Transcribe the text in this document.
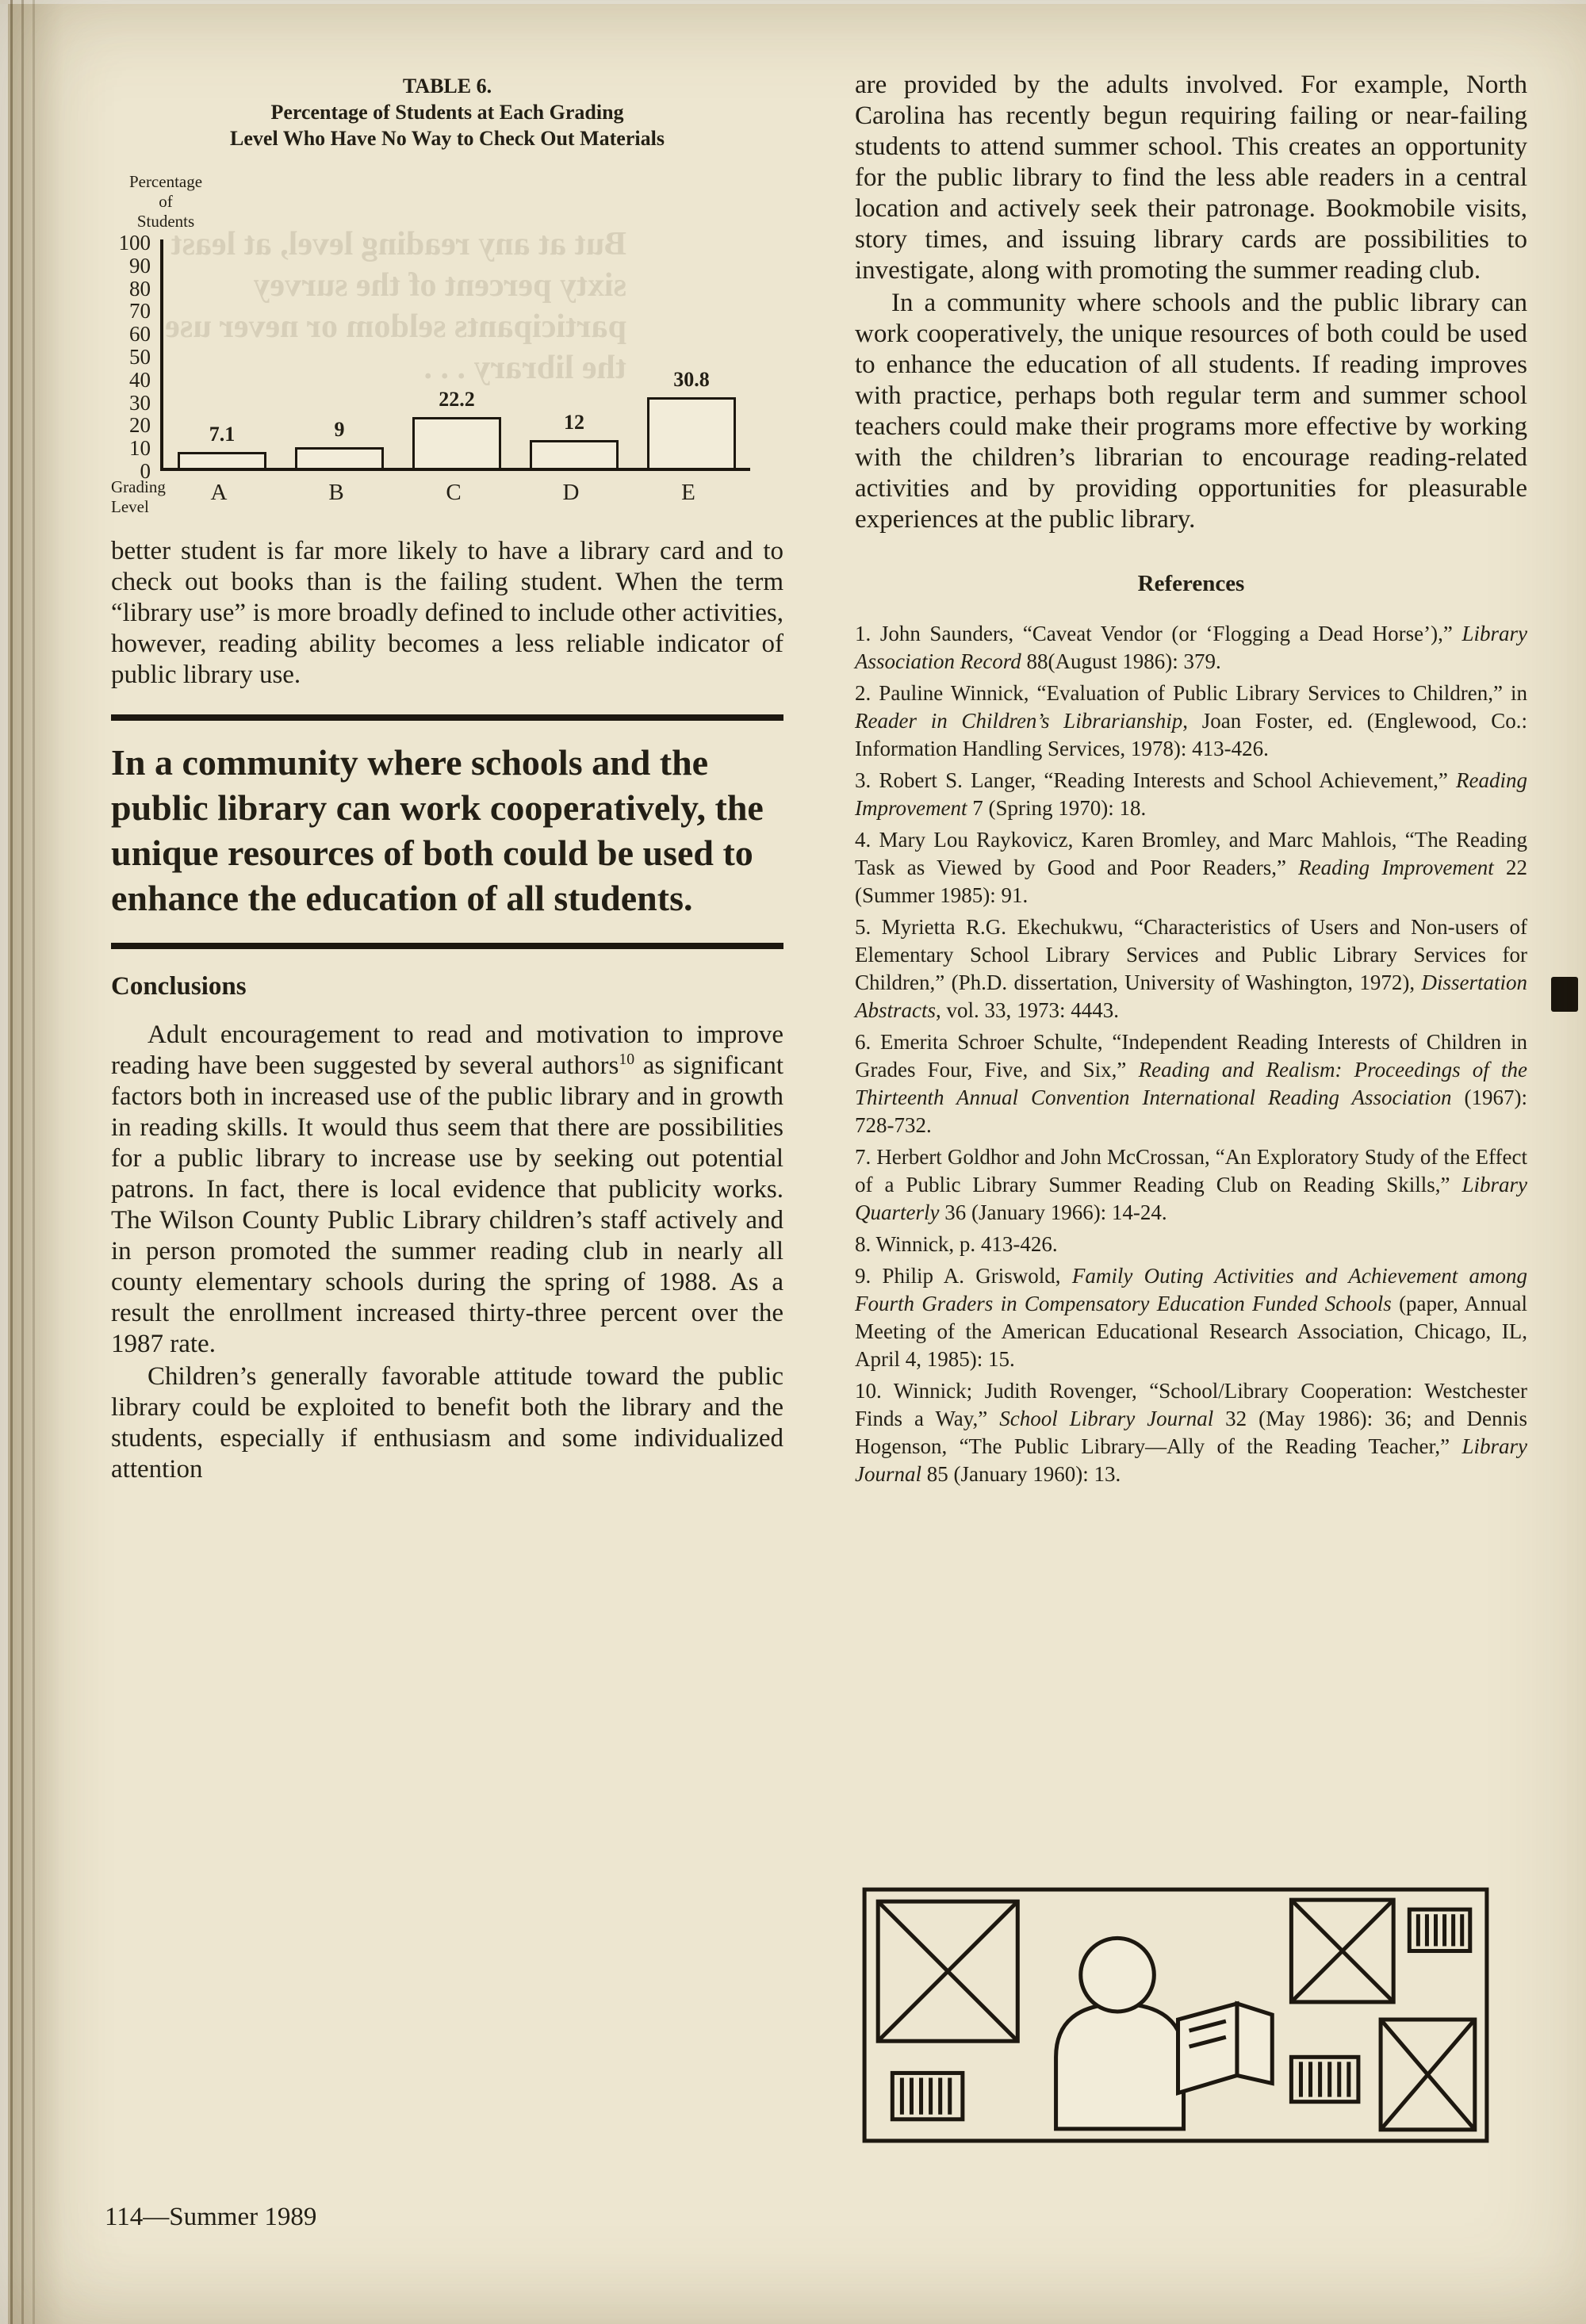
TABLE 6.
Percentage of Students at Each Grading
Level Who Have No Way to Check Out Materials
Percentage
of
Students
0
10
20
30
40
50
60
70
80
90
100
7.1	9
22.2
12
30.8
Grading
Level
A	B	C	D	E

better student is far more likely to have a library card and to check out books than is the failing student. When the term “library use” is more broadly defined to include other activities, however, reading ability becomes a less reliable indicator of public library use.

In a community where schools and the public library can work cooperatively, the unique resources of both could be used to enhance the education of all students.
Conclusions

Adult encouragement to read and motivation to improve reading have been suggested by several authors$^{10}$ as significant factors both in increased use of the public library and in growth in reading skills. It would thus seem that there are possibilities for a public library to increase use by seeking out potential patrons. In fact, there is local evidence that publicity works. The Wilson County Public Library children’s staff actively and in person promoted the summer reading club in nearly all county elementary schools during the spring of 1988. As a result the enrollment increased thirty-three percent over the 1987 rate.

Children’s generally favorable attitude toward the public library could be exploited to benefit both the library and the students, especially if enthusiasm and some individualized attention

But at any reading level, at least sixty percent of the survey participants seldom or never use the library . . .

are provided by the adults involved. For example, North Carolina has recently begun requiring failing or near-failing students to attend summer school. This creates an opportunity for the public library to find the less able readers in a central location and actively seek their patronage. Bookmobile visits, story times, and issuing library cards are possibilities to investigate, along with promoting the summer reading club.

In a community where schools and the public library can work cooperatively, the unique resources of both could be used to enhance the education of all students. If reading improves with practice, perhaps both regular term and summer school teachers could make their programs more effective by working with the children’s librarian to encourage reading-related activities and by providing opportunities for pleasurable experiences at the public library.

References

1. John Saunders, “Caveat Vendor (or ‘Flogging a Dead Horse’),” Library Association Record 88(August 1986): 379.

2. Pauline Winnick, “Evaluation of Public Library Services to Children,” in Reader in Children’s Librarianship, Joan Foster, ed. (Englewood, Co.: Information Handling Services, 1978): 413-426.

3. Robert S. Langer, “Reading Interests and School Achievement,” Reading Improvement 7 (Spring 1970): 18.

4. Mary Lou Raykovicz, Karen Bromley, and Marc Mahlois, “The Reading Task as Viewed by Good and Poor Readers,” Reading Improvement 22 (Summer 1985): 91.

5. Myrietta R.G. Ekechukwu, “Characteristics of Users and Non-users of Elementary School Library Services and Public Library Services for Children,” (Ph.D. dissertation, University of Washington, 1972), Dissertation Abstracts, vol. 33, 1973: 4443.

6. Emerita Schroer Schulte, “Independent Reading Interests of Children in Grades Four, Five, and Six,” Reading and Realism: Proceedings of the Thirteenth Annual Convention International Reading Association (1967): 728-732.

7. Herbert Goldhor and John McCrossan, “An Exploratory Study of the Effect of a Public Library Summer Reading Club on Reading Skills,” Library Quarterly 36 (January 1966): 14-24.

8. Winnick, p. 413-426.

9. Philip A. Griswold, Family Outing Activities and Achievement among Fourth Graders in Compensatory Education Funded Schools (paper, Annual Meeting of the American Educational Research Association, Chicago, IL, April 4, 1985): 15.

10. Winnick; Judith Rovenger, “School/Library Cooperation: Westchester Finds a Way,” School Library Journal 32 (May 1986): 36; and Dennis Hogenson, “The Public Library—Ally of the Reading Teacher,” Library Journal 85 (January 1960): 13.

114—Summer 1989
